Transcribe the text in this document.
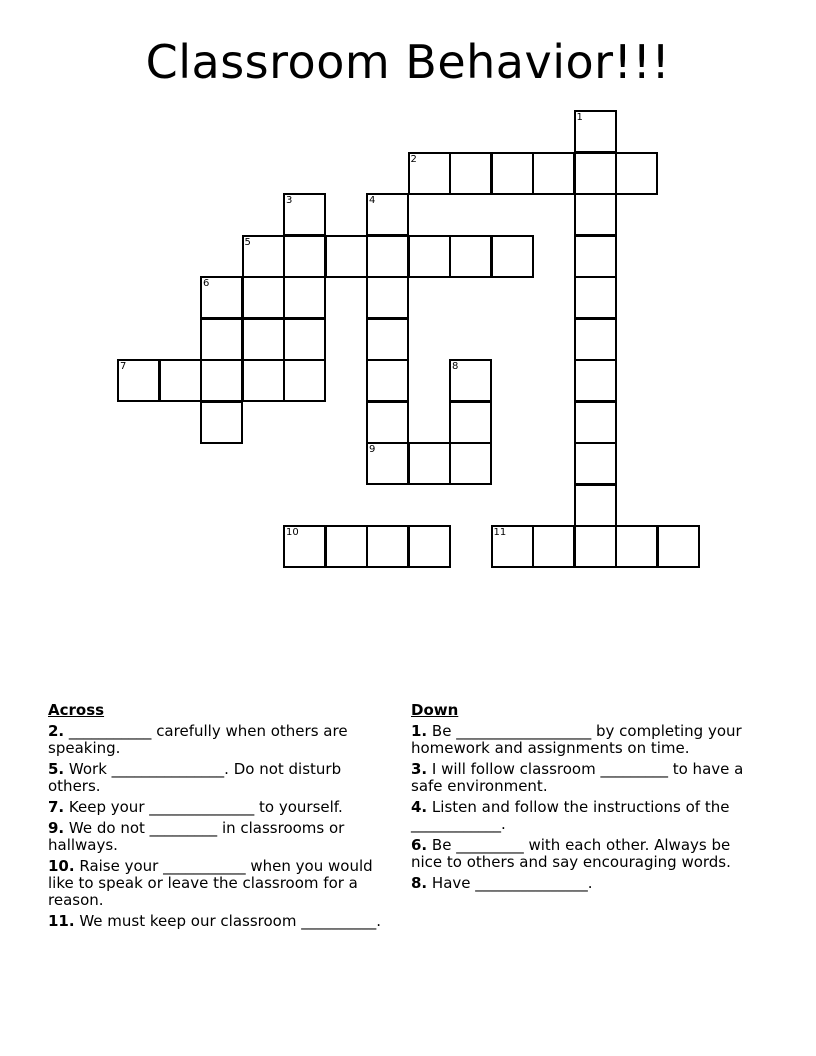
Classroom Behavior!!!
1
2
3	4
5
6
7	8
9
10	11
Across
2. ___________ carefully when others are speaking.
5. Work _______________. Do not disturb others.
7. Keep your ______________ to yourself.
9. We do not _________ in classrooms or hallways.
10. Raise your ___________ when you would like to speak or leave the classroom for a reason.
11. We must keep our classroom __________.
Down
1. Be __________________ by completing your homework and assignments on time.
3. I will follow classroom _________ to have a safe environment.
4. Listen and follow the instructions of the ____________.
6. Be _________ with each other. Always be nice to others and say encouraging words.
8. Have _______________.
